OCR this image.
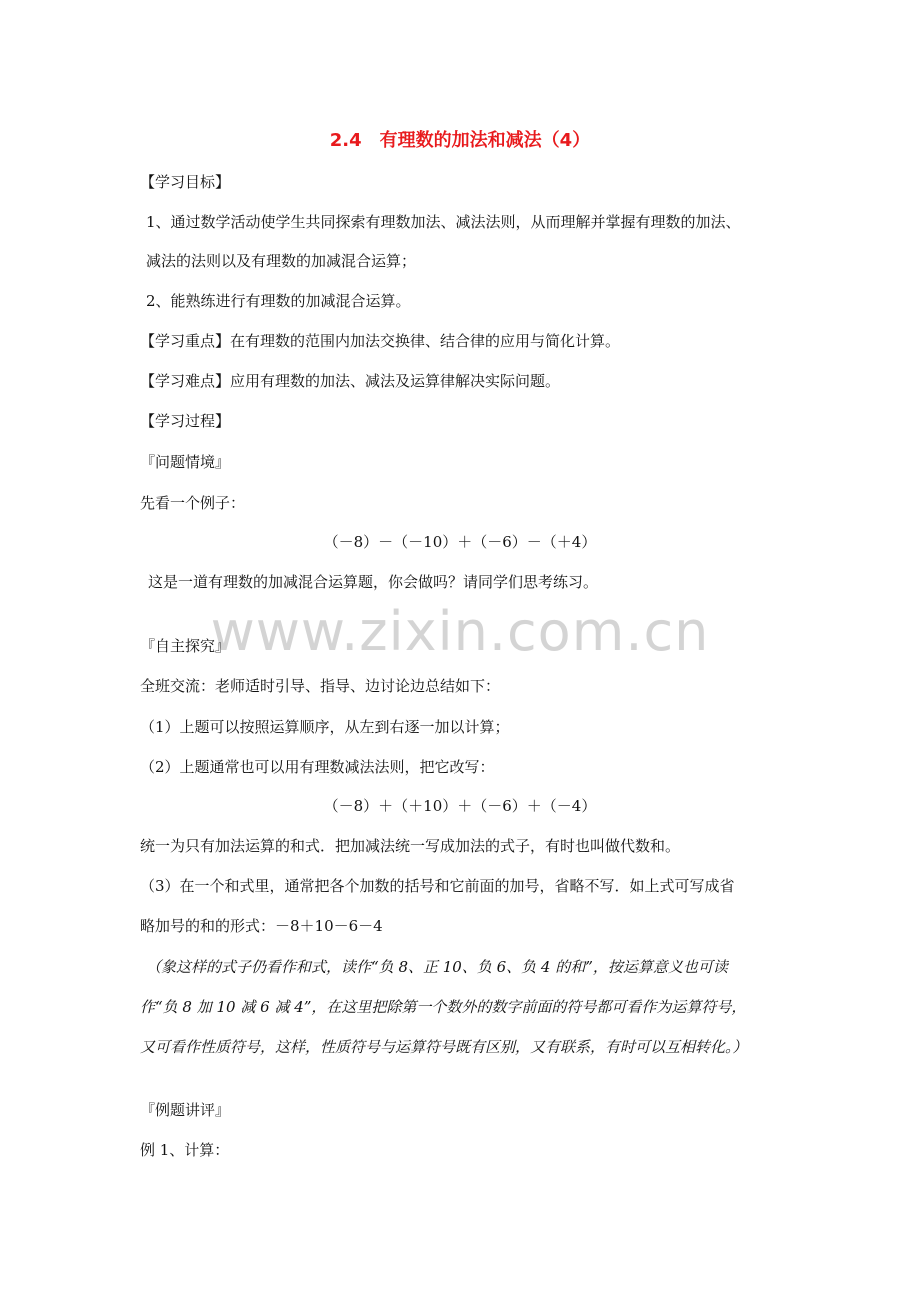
www.zixin.com.cn
2.4　有理数的加法和减法（4）
【学习目标】
1、通过数学活动使学生共同探索有理数加法、减法法则，从而理解并掌握有理数的加法、
减法的法则以及有理数的加减混合运算；
2、能熟练进行有理数的加减混合运算。
【学习重点】在有理数的范围内加法交换律、结合律的应用与简化计算。
【学习难点】应用有理数的加法、减法及运算律解决实际问题。
【学习过程】
『问题情境』
先看一个例子：
（－8）－（－10）＋（－6）－（＋4）
这是一道有理数的加减混合运算题，你会做吗？请同学们思考练习。
『自主探究』
全班交流：老师适时引导、指导、边讨论边总结如下：
（1）上题可以按照运算顺序，从左到右逐一加以计算；
（2）上题通常也可以用有理数减法法则，把它改写：
（－8）＋（＋10）＋（－6）＋（－4）
统一为只有加法运算的和式．把加减法统一写成加法的式子，有时也叫做代数和。
（3）在一个和式里，通常把各个加数的括号和它前面的加号，省略不写．如上式可写成省
略加号的和的形式：－8＋10－6－4
（象这样的式子仍看作和式，读作“负 8、正 10、负 6、负 4 的和”，按运算意义也可读
作“负 8 加 10 减 6 减 4”，在这里把除第一个数外的数字前面的符号都可看作为运算符号，
又可看作性质符号，这样，性质符号与运算符号既有区别，又有联系，有时可以互相转化。）
『例题讲评』
例 1、计算：
